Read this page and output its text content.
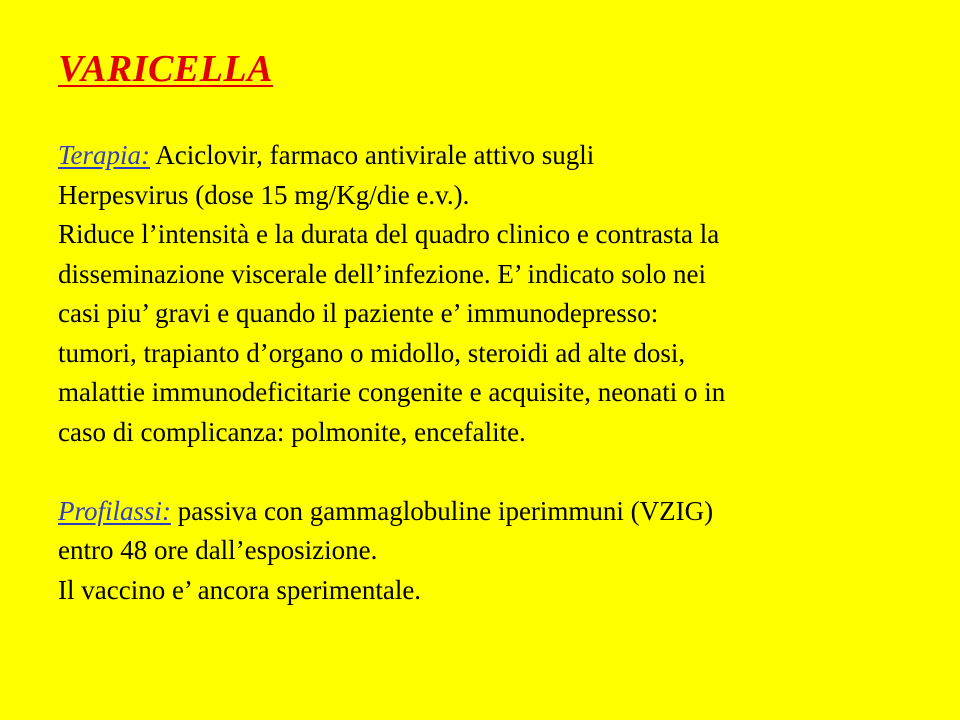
VARICELLA

Terapia: Aciclovir, farmaco antivirale attivo sugli
Herpesvirus (dose 15 mg/Kg/die e.v.).
Riduce l’intensità e la durata del quadro clinico e contrasta la
disseminazione viscerale dell’infezione. E’ indicato solo nei
casi piu’ gravi e quando il paziente e’ immunodepresso:
tumori, trapianto d’organo o midollo, steroidi ad alte dosi,
malattie immunodeficitarie congenite e acquisite, neonati o in
caso di complicanza: polmonite, encefalite.

Profilassi: passiva con gammaglobuline iperimmuni (VZIG)
entro 48 ore dall’esposizione.
Il vaccino e’ ancora sperimentale.
